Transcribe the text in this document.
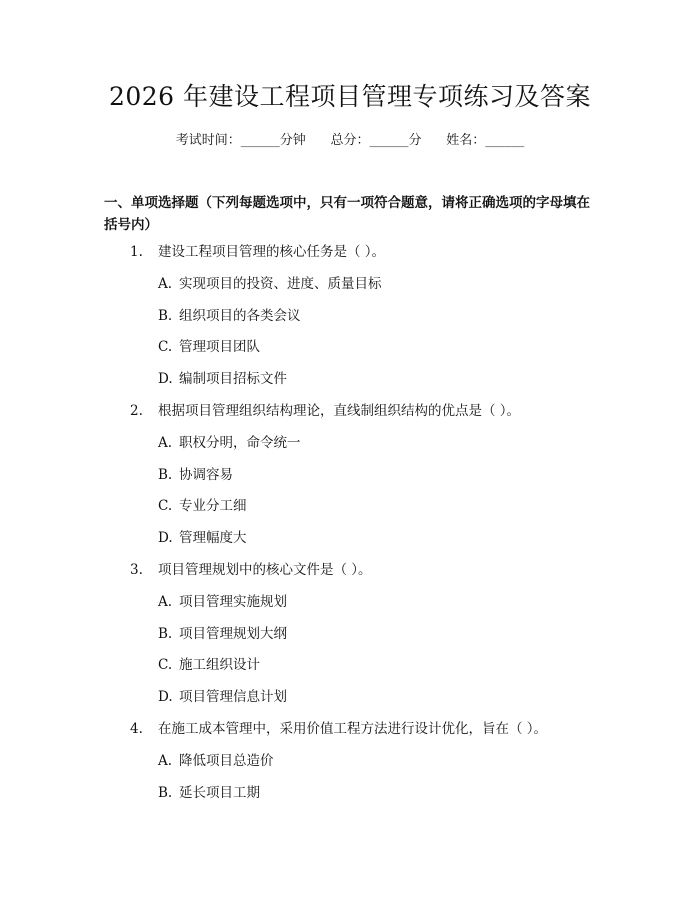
2026 年建设工程项目管理专项练习及答案
考试时间：______分钟      总分：______分      姓名：______
一、单项选择题（下列每题选项中，只有一项符合题意，请将正确选项的字母填在括号内）
1. 建设工程项目管理的核心任务是（ ）。
A. 实现项目的投资、进度、质量目标
B. 组织项目的各类会议
C. 管理项目团队
D. 编制项目招标文件
2. 根据项目管理组织结构理论，直线制组织结构的优点是（ ）。
A. 职权分明，命令统一
B. 协调容易
C. 专业分工细
D. 管理幅度大
3. 项目管理规划中的核心文件是（ ）。
A. 项目管理实施规划
B. 项目管理规划大纲
C. 施工组织设计
D. 项目管理信息计划
4. 在施工成本管理中，采用价值工程方法进行设计优化，旨在（ ）。
A. 降低项目总造价
B. 延长项目工期
